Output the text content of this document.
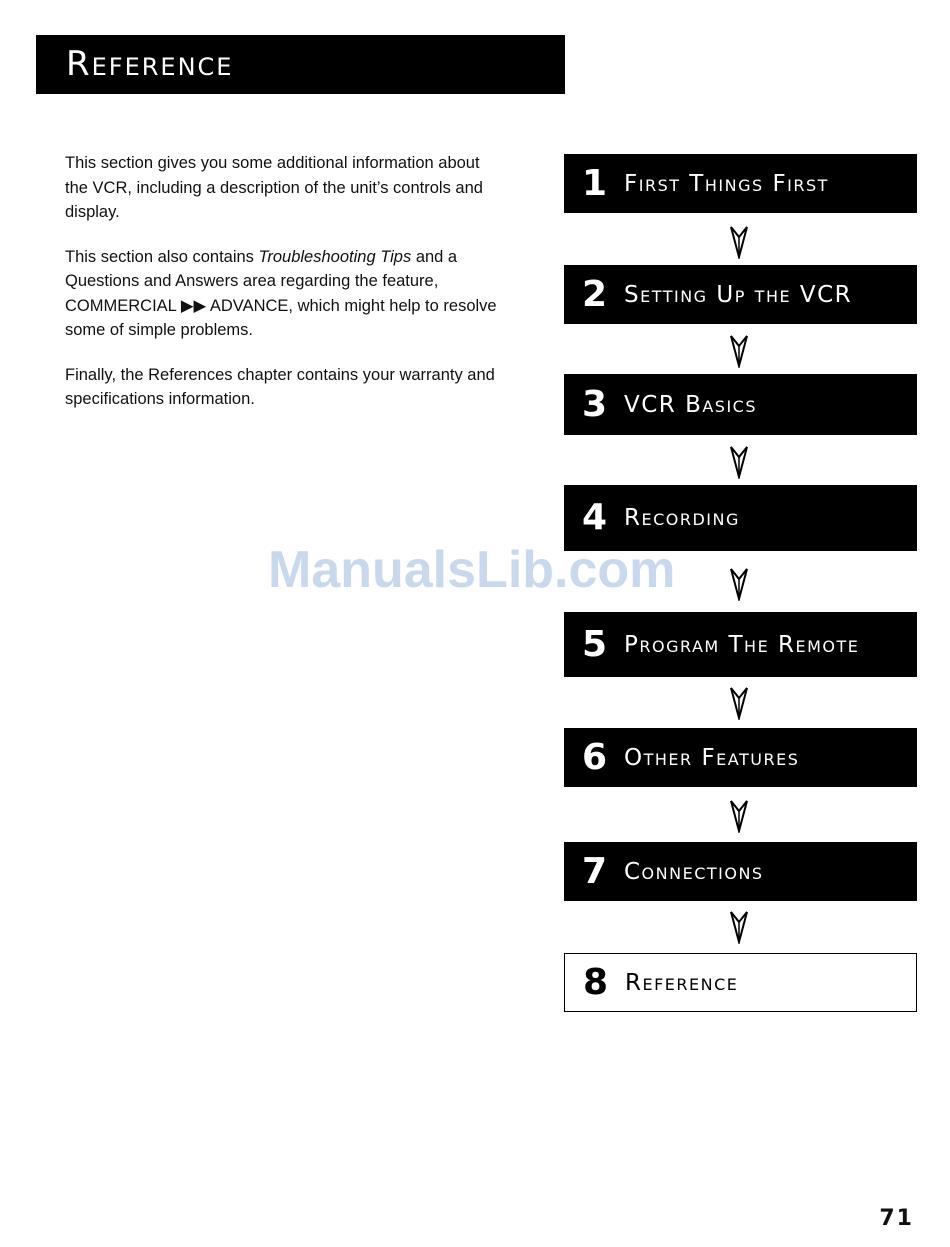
Reference

This section gives you some additional information about the VCR, including a description of the unit’s controls and display.

This section also contains Troubleshooting Tips and a Questions and Answers area regarding the feature, COMMERCIAL ▶▶ ADVANCE, which might help to resolve some of simple problems.

Finally, the References chapter contains your warranty and specifications information.

1 First Things First
2 Setting Up the VCR
3 VCR Basics
4 Recording
5 Program The Remote
6 Other Features
7 Connections
8 Reference
ManualsLib.com
71
